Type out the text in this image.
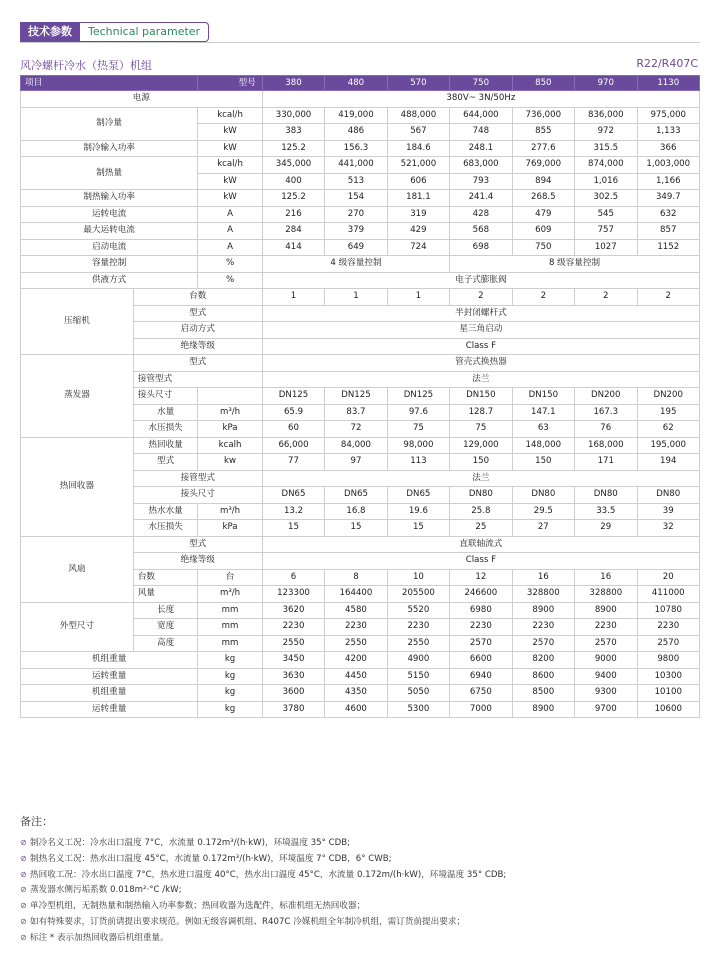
技术参数	Technical parameter
风冷螺杆冷水（热泵）机组	R22/R407C
项目		型号	380	480	570	750	850	970	1130
电源			380V~ 3N/50Hz						
制冷量		kcal/h	330,000	419,000	488,000	644,000	736,000	836,000	975,000
		kW	383	486	567	748	855	972	1,133
制冷输入功率		kW	125.2	156.3	184.6	248.1	277.6	315.5	366
制热量		kcal/h	345,000	441,000	521,000	683,000	769,000	874,000	1,003,000
		kW	400	513	606	793	894	1,016	1,166
制热输入功率		kW	125.2	154	181.1	241.4	268.5	302.5	349.7
运转电流		A	216	270	319	428	479	545	632
最大运转电流		A	284	379	429	568	609	757	857
启动电流		A	414	649	724	698	750	1027	1152
容量控制		%	4 级容量控制			8 级容量控制			
供液方式		%	电子式膨胀阀						
压缩机	台数		1	1	1	2	2	2	2
	型式		半封闭螺杆式						
	启动方式		星三角启动						
	绝缘等级		Class F						
蒸发器	型式		管壳式换热器						
	接管型式		法兰						
	接头尺寸		DN125	DN125	DN125	DN150	DN150	DN200	DN200
	水量	m³/h	65.9	83.7	97.6	128.7	147.1	167.3	195
	水压损失	kPa	60	72	75	75	63	76	62
热回收器	热回收量	kcalh	66,000	84,000	98,000	129,000	148,000	168,000	195,000
	型式	kw	77	97	113	150	150	171	194
	接管型式		法兰						
	接头尺寸		DN65	DN65	DN65	DN80	DN80	DN80	DN80
	热水水量	m³/h	13.2	16.8	19.6	25.8	29.5	33.5	39
	水压损失	kPa	15	15	15	25	27	29	32
风扇	型式		直联轴流式						
	绝缘等级		Class F						
	台数	台	6	8	10	12	16	16	20
	风量	m³/h	123300	164400	205500	246600	328800	328800	411000
外型尺寸	长度	mm	3620	4580	5520	6980	8900	8900	10780
	宽度	mm	2230	2230	2230	2230	2230	2230	2230
	高度	mm	2550	2550	2550	2570	2570	2570	2570
机组重量		kg	3450	4200	4900	6600	8200	9000	9800
运转重量		kg	3630	4450	5150	6940	8600	9400	10300
机组重量		kg	3600	4350	5050	6750	8500	9300	10100
运转重量		kg	3780	4600	5300	7000	8900	9700	10600
备注：
⊘ 制冷名义工况：冷水出口温度 7°C，水流量 0.172m³/(h·kW)，环境温度 35° CDB;
⊘ 制热名义工况：热水出口温度 45°C，水流量 0.172m³/(h·kW)，环境温度 7° CDB，6° CWB;
⊘ 热回收工况：冷水出口温度 7°C，热水进口温度 40°C，热水出口温度 45°C，水流量 0.172m/(h·kW)，环境温度 35° CDB;
⊘ 蒸发器水侧污垢系数 0.018m²·°C /kW;
⊘ 单冷型机组，无制热量和制热输入功率参数；热回收器为选配件，标准机组无热回收器；
⊘ 如有特殊要求，订货前请提出要求规范。例如无级容调机组、R407C 冷媒机组全年制冷机组，需订货前提出要求；
⊘ 标注 * 表示加热回收器后机组重量。
